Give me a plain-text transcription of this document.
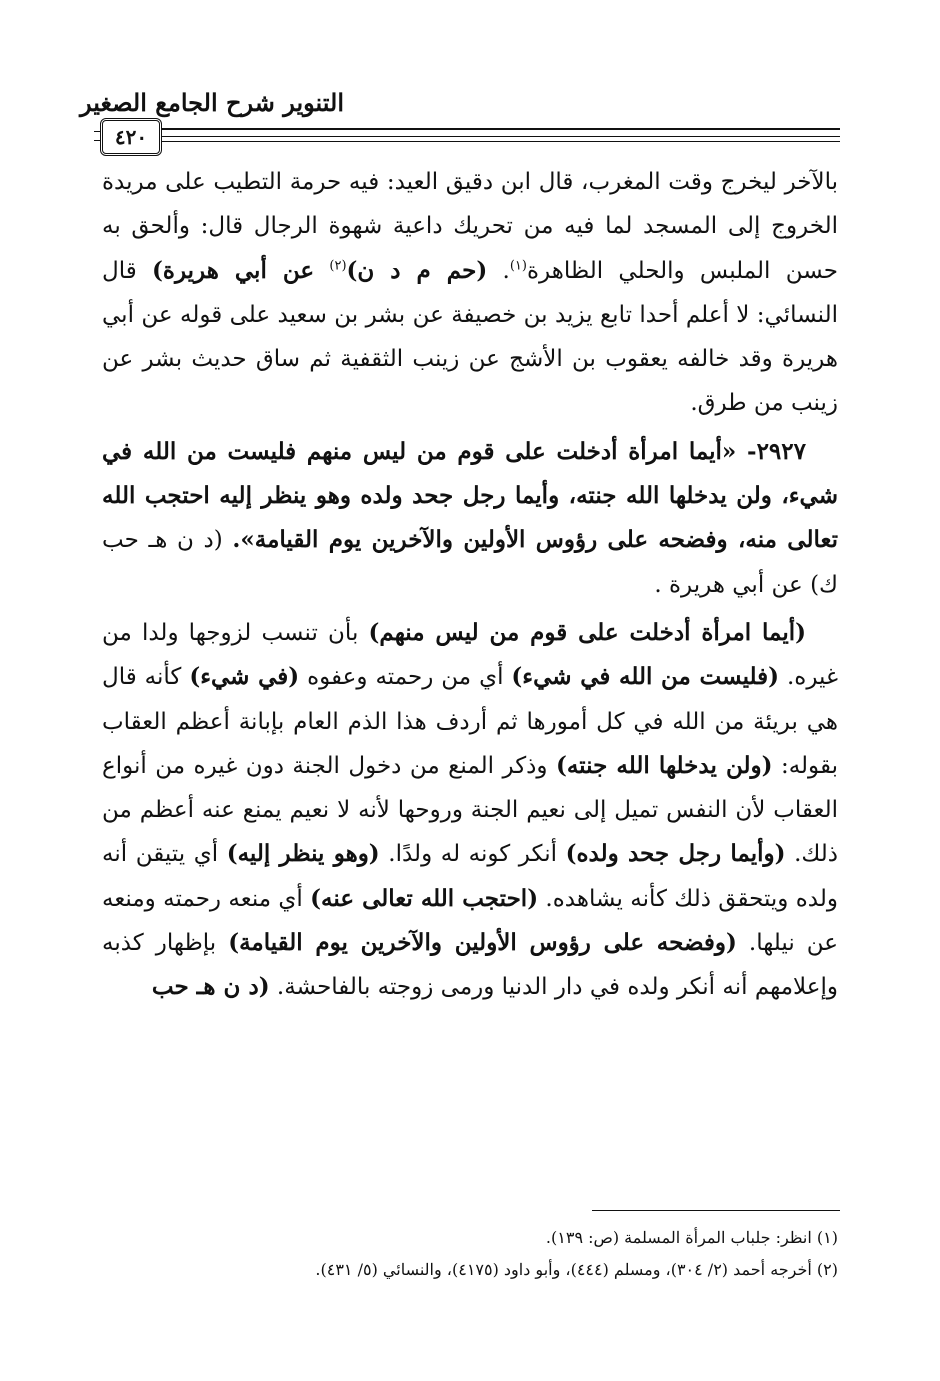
التنوير شرح الجامع الصغير
٤٢٠

بالآخر ليخرج وقت المغرب، قال ابن دقيق العيد: فيه حرمة التطيب على مريدة الخروج إلى المسجد لما فيه من تحريك داعية شهوة الرجال قال: وألحق به حسن الملبس والحلي الظاهرة$^{(١)}$. (حم م د ن)$^{(٢)}$ عن أبي هريرة) قال النسائي: لا أعلم أحدا تابع يزيد بن خصيفة عن بشر بن سعيد على قوله عن أبي هريرة وقد خالفه يعقوب بن الأشج عن زينب الثقفية ثم ساق حديث بشر عن زينب من طرق.

٢٩٢٧- «أيما امرأة أدخلت على قوم من ليس منهم فليست من الله في شيء، ولن يدخلها الله جنته، وأيما رجل جحد ولده وهو ينظر إليه احتجب الله تعالى منه، وفضحه على رؤوس الأولين والآخرين يوم القيامة». (د ن هـ حب ك) عن أبي هريرة .

(أيما امرأة أدخلت على قوم من ليس منهم) بأن تنسب لزوجها ولدا من غيره. (فليست من الله في شيء) أي من رحمته وعفوه (في شيء) كأنه قال هي بريئة من الله في كل أمورها ثم أردف هذا الذم العام بإبانة أعظم العقاب بقوله: (ولن يدخلها الله جنته) وذكر المنع من دخول الجنة دون غيره من أنواع العقاب لأن النفس تميل إلى نعيم الجنة وروحها لأنه لا نعيم يمنع عنه أعظم من ذلك. (وأيما رجل جحد ولده) أنكر كونه له ولدًا. (وهو ينظر إليه) أي يتيقن أنه ولده ويتحقق ذلك كأنه يشاهده. (احتجب الله تعالى عنه) أي منعه رحمته ومنعه عن نيلها. (وفضحه على رؤوس الأولين والآخرين يوم القيامة) بإظهار كذبه وإعلامهم أنه أنكر ولده في دار الدنيا ورمى زوجته بالفاحشة. (د ن هـ حب

(١) انظر: جلباب المرأة المسلمة (ص: ١٣٩).
(٢) أخرجه أحمد (٢/ ٣٠٤)، ومسلم (٤٤٤)، وأبو داود (٤١٧٥)، والنسائي (٥/ ٤٣١).
